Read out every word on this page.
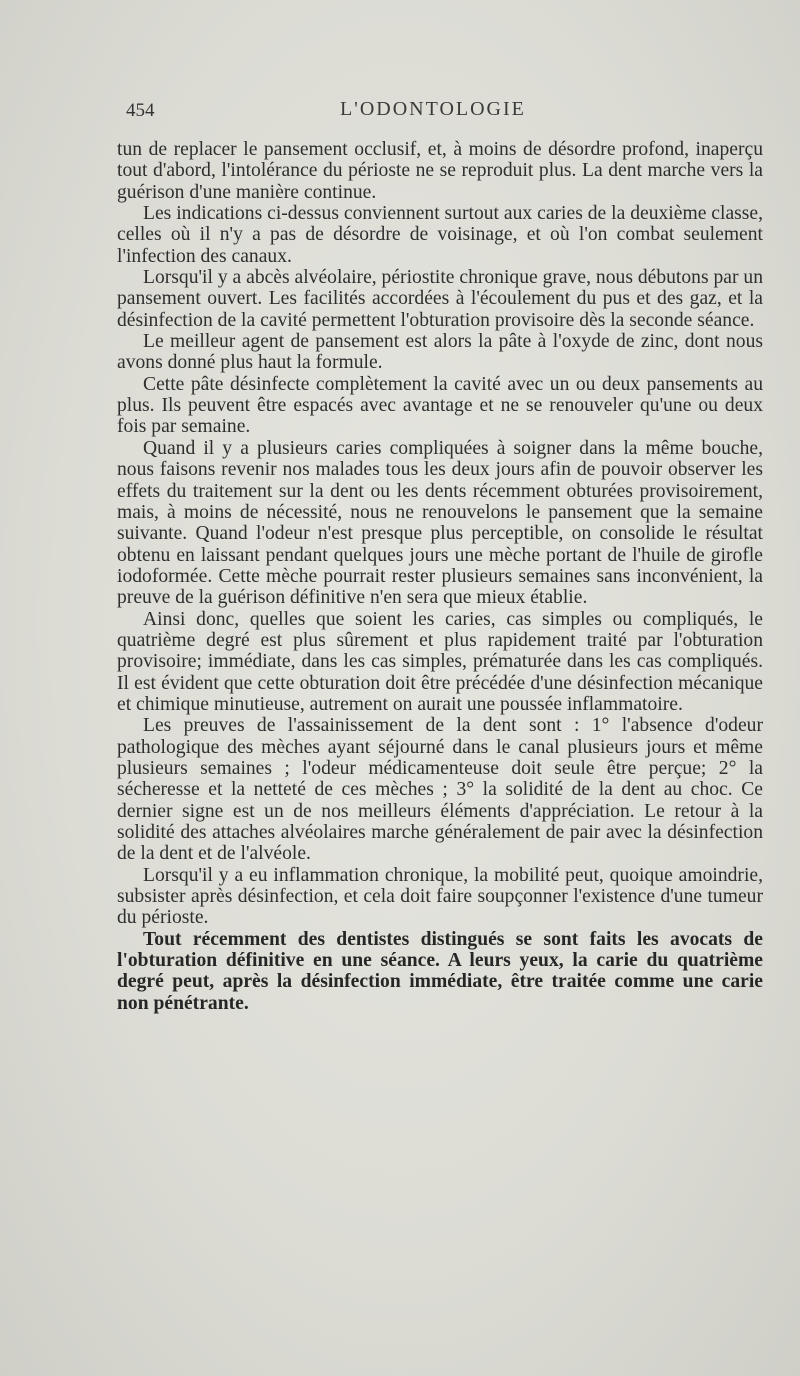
454	L'ODONTOLOGIE

tun de replacer le pansement occlusif, et, à moins de désordre profond, inaperçu tout d'abord, l'intolérance du périoste ne se reproduit plus. La dent marche vers la guérison d'une manière continue.

Les indications ci-dessus conviennent surtout aux caries de la deuxième classe, celles où il n'y a pas de désordre de voisinage, et où l'on combat seulement l'infection des canaux.

Lorsqu'il y a abcès alvéolaire, périostite chronique grave, nous débutons par un pansement ouvert. Les facilités accordées à l'écoulement du pus et des gaz, et la désinfection de la cavité permettent l'obturation provisoire dès la seconde séance.

Le meilleur agent de pansement est alors la pâte à l'oxyde de zinc, dont nous avons donné plus haut la formule.

Cette pâte désinfecte complètement la cavité avec un ou deux pansements au plus. Ils peuvent être espacés avec avantage et ne se renouveler qu'une ou deux fois par semaine.

Quand il y a plusieurs caries compliquées à soigner dans la même bouche, nous faisons revenir nos malades tous les deux jours afin de pouvoir observer les effets du traitement sur la dent ou les dents récemment obturées provisoirement, mais, à moins de nécessité, nous ne renouvelons le pansement que la semaine suivante. Quand l'odeur n'est presque plus perceptible, on consolide le résultat obtenu en laissant pendant quelques jours une mèche portant de l'huile de girofle iodoformée. Cette mèche pourrait rester plusieurs semaines sans inconvénient, la preuve de la guérison définitive n'en sera que mieux établie.

Ainsi donc, quelles que soient les caries, cas simples ou compliqués, le quatrième degré est plus sûrement et plus rapidement traité par l'obturation provisoire; immédiate, dans les cas simples, prématurée dans les cas compliqués. Il est évident que cette obturation doit être précédée d'une désinfection mécanique et chimique minutieuse, autrement on aurait une poussée inflammatoire.

Les preuves de l'assainissement de la dent sont : 1° l'absence d'odeur pathologique des mèches ayant séjourné dans le canal plusieurs jours et même plusieurs semaines ; l'odeur médicamenteuse doit seule être perçue; 2° la sécheresse et la netteté de ces mèches ; 3° la solidité de la dent au choc. Ce dernier signe est un de nos meilleurs éléments d'appréciation. Le retour à la solidité des attaches alvéolaires marche généralement de pair avec la désinfection de la dent et de l'alvéole.

Lorsqu'il y a eu inflammation chronique, la mobilité peut, quoique amoindrie, subsister après désinfection, et cela doit faire soupçonner l'existence d'une tumeur du périoste.

Tout récemment des dentistes distingués se sont faits les avocats de l'obturation définitive en une séance. A leurs yeux, la carie du quatrième degré peut, après la désinfection immédiate, être traitée comme une carie non pénétrante.
